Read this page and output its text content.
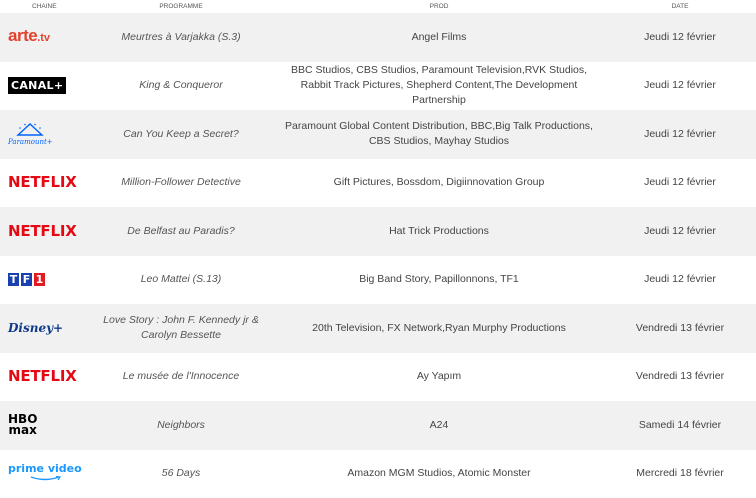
CHAINE	PROGRAMME	PROD	DATE
arte.tv	Meurtres à Varjakka (S.3)	Angel Films	Jeudi 12 février
CANAL+	King & Conqueror	BBC Studios, CBS Studios, Paramount Television,RVK Studios, Rabbit Track Pictures, Shepherd Content,The Development Partnership	Jeudi 12 février

Paramount+	Can You Keep a Secret?	Paramount Global Content Distribution, BBC,Big Talk Productions, CBS Studios, Mayhay Studios	Jeudi 12 février
NETFLIX	Million-Follower Detective	Gift Pictures, Bossdom, Digiinnovation Group	Jeudi 12 février
NETFLIX	De Belfast au Paradis?	Hat Trick Productions	Jeudi 12 février

T F 1	Leo Mattei (S.13)	Big Band Story, Papillonnons, TF1	Jeudi 12 février
Disney+	Love Story : John F. Kennedy jr & Carolyn Bessette	20th Television, FX Network,Ryan Murphy Productions	Vendredi 13 février
NETFLIX	Le musée de l'Innocence	Ay Yapım	Vendredi 13 février
HBO
max	Neighbors	A24	Samedi 14 février
prime video	56 Days	Amazon MGM Studios, Atomic Monster	Mercredi 18 février
